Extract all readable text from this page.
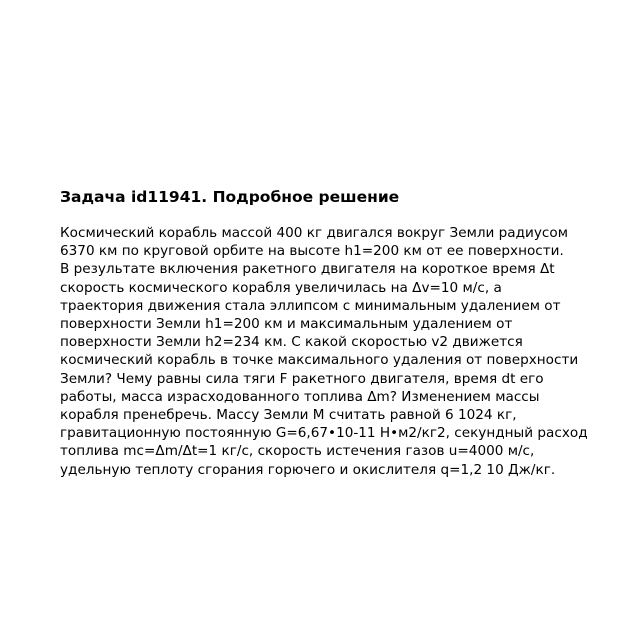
Задача id11941. Подробное решение

Космический корабль массой 400 кг двигался вокруг Земли радиусом
6370 км по круговой орбите на высоте h1=200 км от ее поверхности.
В результате включения ракетного двигателя на короткое время Δt
скорость космического корабля увеличилась на Δv=10 м/с, а
траектория движения стала эллипсом с минимальным удалением от
поверхности Земли h1=200 км и максимальным удалением от
поверхности Земли h2=234 км. С какой скоростью v2 движется
космический корабль в точке максимального удаления от поверхности
Земли? Чему равны сила тяги F ракетного двигателя, время dt его
работы, масса израсходованного топлива Δm? Изменением массы
корабля пренебречь. Массу Земли M считать равной 6 1024 кг,
гравитационную постоянную G=6,67•10-11 Н•м2/кг2, секундный расход
топлива mc=Δm/Δt=1 кг/с, скорость истечения газов u=4000 м/с,
удельную теплоту сгорания горючего и окислителя q=1,2 10 Дж/кг.
